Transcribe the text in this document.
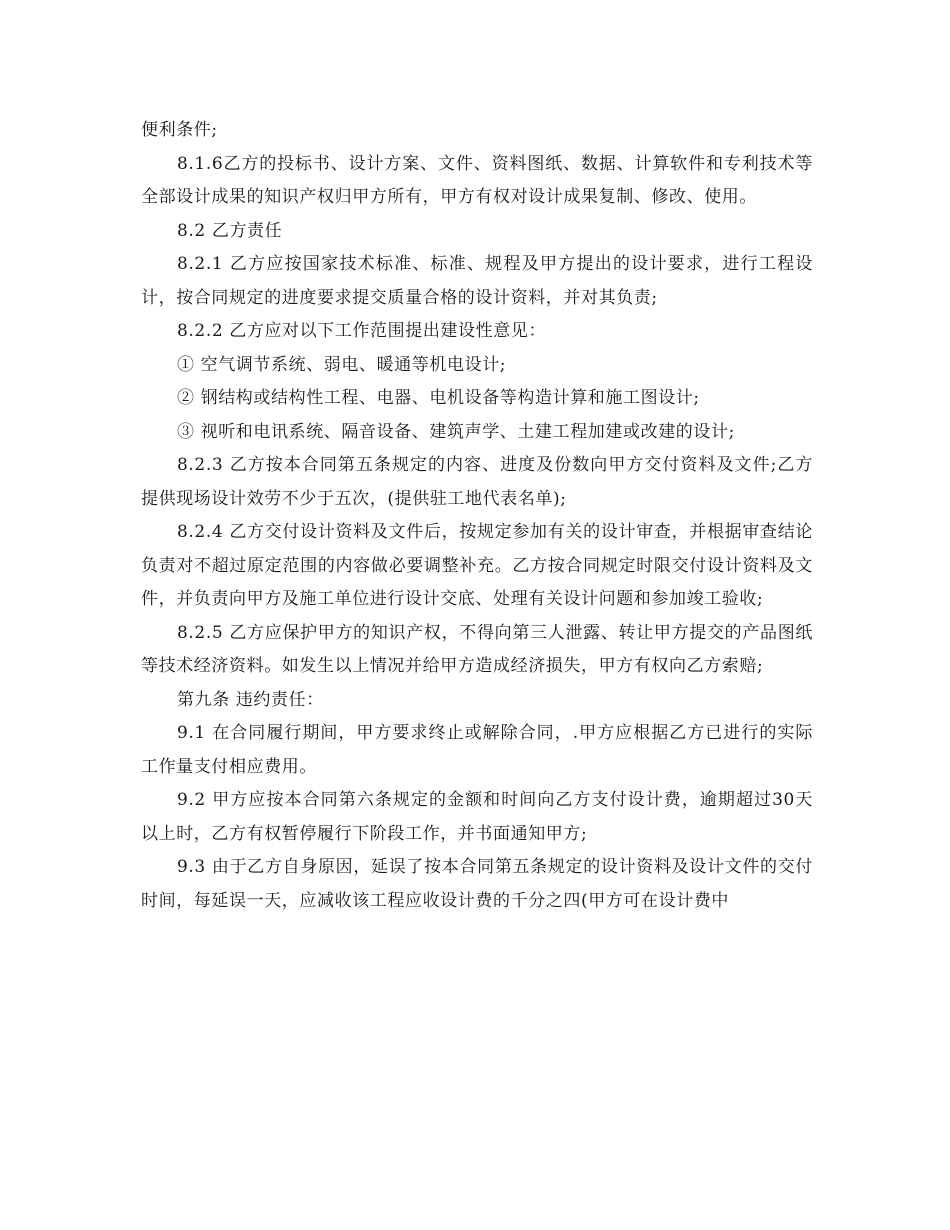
便利条件;

8.1.6乙方的投标书、设计方案、文件、资料图纸、数据、计算软件和专利技术等全部设计成果的知识产权归甲方所有，甲方有权对设计成果复制、修改、使用。

8.2 乙方责任

8.2.1 乙方应按国家技术标准、标准、规程及甲方提出的设计要求，进行工程设计，按合同规定的进度要求提交质量合格的设计资料，并对其负责;

8.2.2 乙方应对以下工作范围提出建设性意见：

① 空气调节系统、弱电、暖通等机电设计;

② 钢结构或结构性工程、电器、电机设备等构造计算和施工图设计;

③ 视听和电讯系统、隔音设备、建筑声学、土建工程加建或改建的设计;

8.2.3 乙方按本合同第五条规定的内容、进度及份数向甲方交付资料及文件;乙方提供现场设计效劳不少于五次，(提供驻工地代表名单);

8.2.4 乙方交付设计资料及文件后，按规定参加有关的设计审查，并根据审查结论负责对不超过原定范围的内容做必要调整补充。乙方按合同规定时限交付设计资料及文件，并负责向甲方及施工单位进行设计交底、处理有关设计问题和参加竣工验收;

8.2.5 乙方应保护甲方的知识产权，不得向第三人泄露、转让甲方提交的产品图纸等技术经济资料。如发生以上情况并给甲方造成经济损失，甲方有权向乙方索赔;

第九条 违约责任：

9.1 在合同履行期间，甲方要求终止或解除合同，.甲方应根据乙方已进行的实际工作量支付相应费用。

9.2 甲方应按本合同第六条规定的金额和时间向乙方支付设计费，逾期超过30天以上时，乙方有权暂停履行下阶段工作，并书面通知甲方;

9.3 由于乙方自身原因，延误了按本合同第五条规定的设计资料及设计文件的交付时间，每延误一天，应减收该工程应收设计费的千分之四(甲方可在设计费中
